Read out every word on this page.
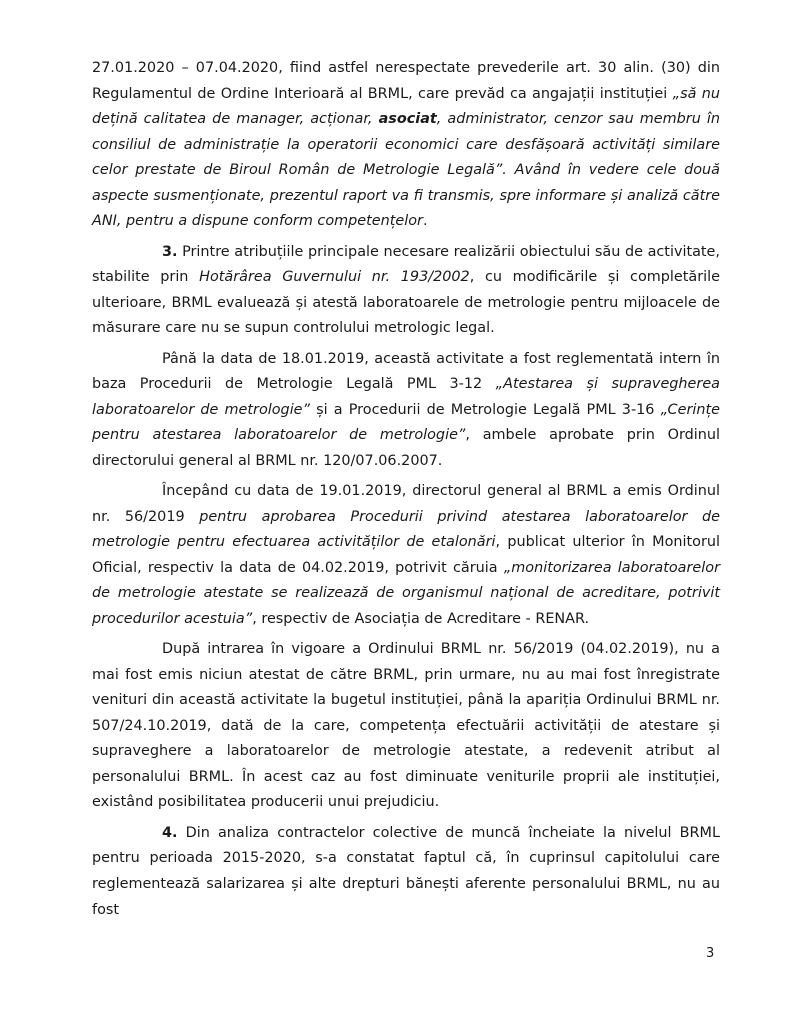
27.01.2020 – 07.04.2020, fiind astfel nerespectate prevederile art. 30 alin. (30) din Regulamentul de Ordine Interioară al BRML, care prevăd ca angajații instituției „să nu dețină calitatea de manager, acționar, asociat, administrator, cenzor sau membru în consiliul de administrație la operatorii economici care desfășoară activități similare celor prestate de Biroul Român de Metrologie Legală”. Având în vedere cele două aspecte susmenționate, prezentul raport va fi transmis, spre informare și analiză către ANI, pentru a dispune conform competențelor.

3. Printre atribuțiile principale necesare realizării obiectului său de activitate, stabilite prin Hotărârea Guvernului nr. 193/2002, cu modificările și completările ulterioare, BRML evaluează și atestă laboratoarele de metrologie pentru mijloacele de măsurare care nu se supun controlului metrologic legal.

Până la data de 18.01.2019, această activitate a fost reglementată intern în baza Procedurii de Metrologie Legală PML 3-12 „Atestarea și supravegherea laboratoarelor de metrologie” și a Procedurii de Metrologie Legală PML 3-16 „Cerințe pentru atestarea laboratoarelor de metrologie”, ambele aprobate prin Ordinul directorului general al BRML nr. 120/07.06.2007.

Începând cu data de 19.01.2019, directorul general al BRML a emis Ordinul nr. 56/2019 pentru aprobarea Procedurii privind atestarea laboratoarelor de metrologie pentru efectuarea activităților de etalonări, publicat ulterior în Monitorul Oficial, respectiv la data de 04.02.2019, potrivit căruia „monitorizarea laboratoarelor de metrologie atestate se realizează de organismul național de acreditare, potrivit procedurilor acestuia”, respectiv de Asociația de Acreditare - RENAR.

După intrarea în vigoare a Ordinului BRML nr. 56/2019 (04.02.2019), nu a mai fost emis niciun atestat de către BRML, prin urmare, nu au mai fost înregistrate venituri din această activitate la bugetul instituției, până la apariția Ordinului BRML nr. 507/24.10.2019, dată de la care, competența efectuării activității de atestare și supraveghere a laboratoarelor de metrologie atestate, a redevenit atribut al personalului BRML. În acest caz au fost diminuate veniturile proprii ale instituției, existând posibilitatea producerii unui prejudiciu.

4. Din analiza contractelor colective de muncă încheiate la nivelul BRML pentru perioada 2015-2020, s-a constatat faptul că, în cuprinsul capitolului care reglementează salarizarea și alte drepturi bănești aferente personalului BRML, nu au fost

3
